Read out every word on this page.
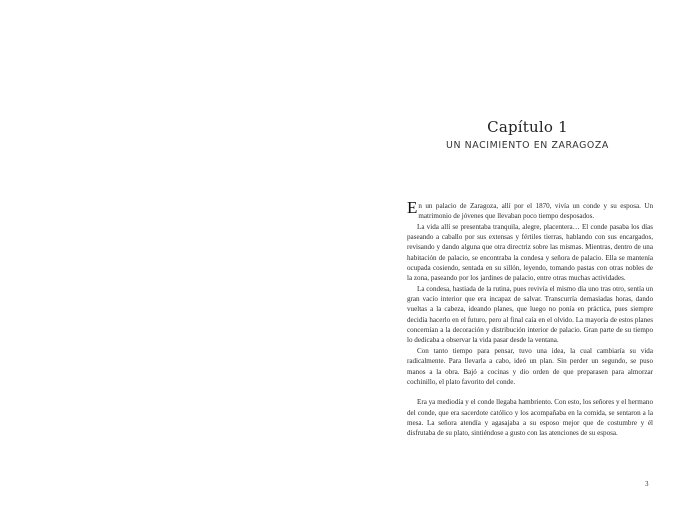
Capítulo 1
UN NACIMIENTO EN ZARAGOZA

En un palacio de Zaragoza, allí por el 1870, vivía un conde y su esposa. Un matrimonio de jóvenes que llevaban poco tiempo desposados.

La vida allí se presentaba tranquila, alegre, placentera… El conde pasaba los días paseando a caballo por sus extensas y fértiles tierras, hablando con sus encargados, revisando y dando alguna que otra directriz sobre las mismas. Mientras, dentro de una habitación de palacio, se encontraba la condesa y señora de palacio. Ella se mantenía ocupada cosiendo, sentada en su sillón, leyendo, tomando pastas con otras nobles de la zona, paseando por los jardines de palacio, entre otras muchas actividades.

La condesa, hastiada de la rutina, pues revivía el mismo día uno tras otro, sentía un gran vacío interior que era incapaz de salvar. Transcurría demasiadas horas, dando vueltas a la cabeza, ideando planes, que luego no ponía en práctica, pues siempre decidía hacerlo en el futuro, pero al final caía en el olvido. La mayoría de estos planes concernían a la decoración y distribución interior de palacio. Gran parte de su tiempo lo dedicaba a observar la vida pasar desde la ventana.

Con tanto tiempo para pensar, tuvo una idea, la cual cambiaría su vida radicalmente. Para llevarla a cabo, ideó un plan. Sin perder un segundo, se puso manos a la obra. Bajó a cocinas y dio orden de que preparasen para almorzar cochinillo, el plato favorito del conde.

Era ya mediodía y el conde llegaba hambriento. Con esto, los señores y el hermano del conde, que era sacerdote católico y los acompañaba en la comida, se sentaron a la mesa. La señora atendía y agasajaba a su esposo mejor que de costumbre y él disfrutaba de su plato, sintiéndose a gusto con las atenciones de su esposa.

3
